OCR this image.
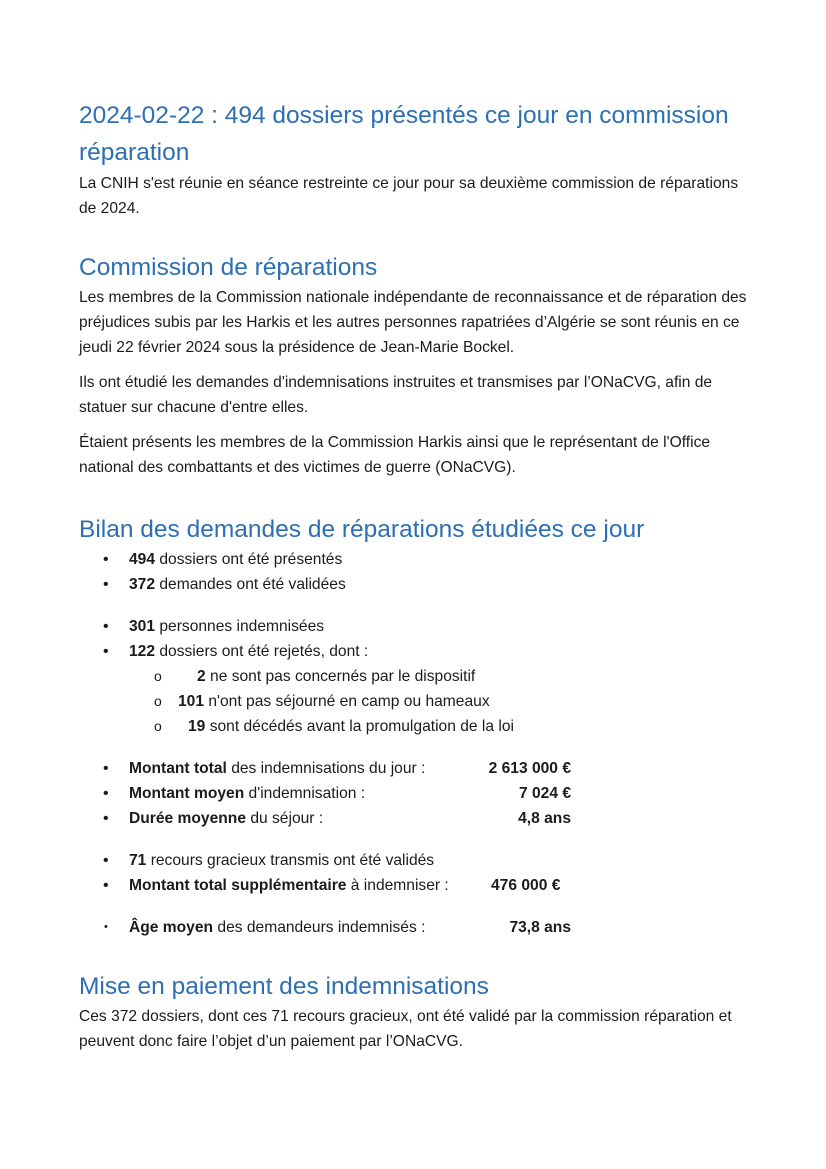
2024-02-22 : 494 dossiers présentés ce jour en commission réparation

La CNIH s'est réunie en séance restreinte ce jour pour sa deuxième commission de réparations de 2024.

Commission de réparations

Les membres de la Commission nationale indépendante de reconnaissance et de réparation des préjudices subis par les Harkis et les autres personnes rapatriées d’Algérie se sont réunis en ce jeudi 22 février 2024 sous la présidence de Jean-Marie Bockel.

Ils ont étudié les demandes d'indemnisations instruites et transmises par l’ONaCVG, afin de statuer sur chacune d'entre elles.

Étaient présents les membres de la Commission Harkis ainsi que le représentant de l'Office national des combattants et des victimes de guerre (ONaCVG).

Bilan des demandes de réparations étudiées ce jour
• 494 dossiers ont été présentés
• 372 demandes ont été validées
• 301 personnes indemnisées
• 122 dossiers ont été rejetés, dont :
o 2 ne sont pas concernés par le dispositif
o 101 n'ont pas séjourné en camp ou hameaux
o 19 sont décédés avant la promulgation de la loi
• Montant total des indemnisations du jour :	2 613 000 €
• Montant moyen d'indemnisation :	7 024 €
• Durée moyenne du séjour :	4,8 ans
• 71 recours gracieux transmis ont été validés
• Montant total supplémentaire à indemniser :	476 000 €
• Âge moyen des demandeurs indemnisés :	73,8 ans
Mise en paiement des indemnisations

Ces 372 dossiers, dont ces 71 recours gracieux, ont été validé par la commission réparation et peuvent donc faire l’objet d’un paiement par l’ONaCVG.
